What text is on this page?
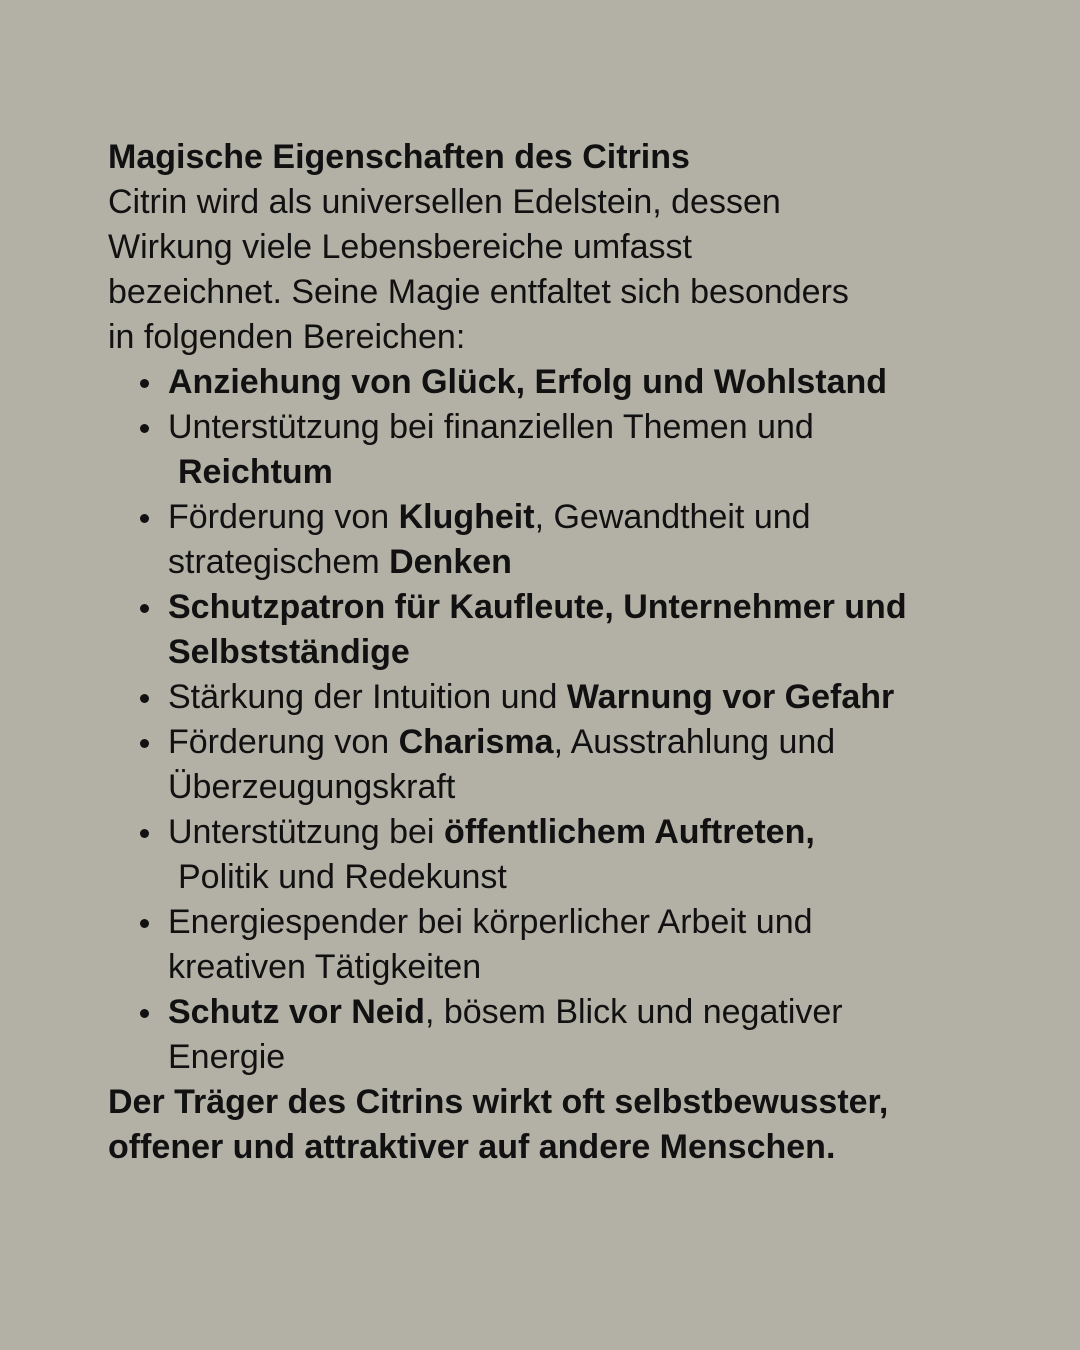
Magische Eigenschaften des Citrins

Citrin wird als universellen Edelstein, dessen
Wirkung viele Lebensbereiche umfasst
bezeichnet. Seine Magie entfaltet sich besonders
in folgenden Bereichen:

Anziehung von Glück, Erfolg und Wohlstand
Unterstützung bei finanziellen Themen und
Reichtum
Förderung von Klugheit, Gewandtheit und
strategischem Denken
Schutzpatron für Kaufleute, Unternehmer und
Selbstständige
Stärkung der Intuition und Warnung vor Gefahr
Förderung von Charisma, Ausstrahlung und
Überzeugungskraft
Unterstützung bei öffentlichem Auftreten,
Politik und Redekunst
Energiespender bei körperlicher Arbeit und
kreativen Tätigkeiten
Schutz vor Neid, bösem Blick und negativer
Energie

Der Träger des Citrins wirkt oft selbstbewusster,
offener und attraktiver auf andere Menschen.
